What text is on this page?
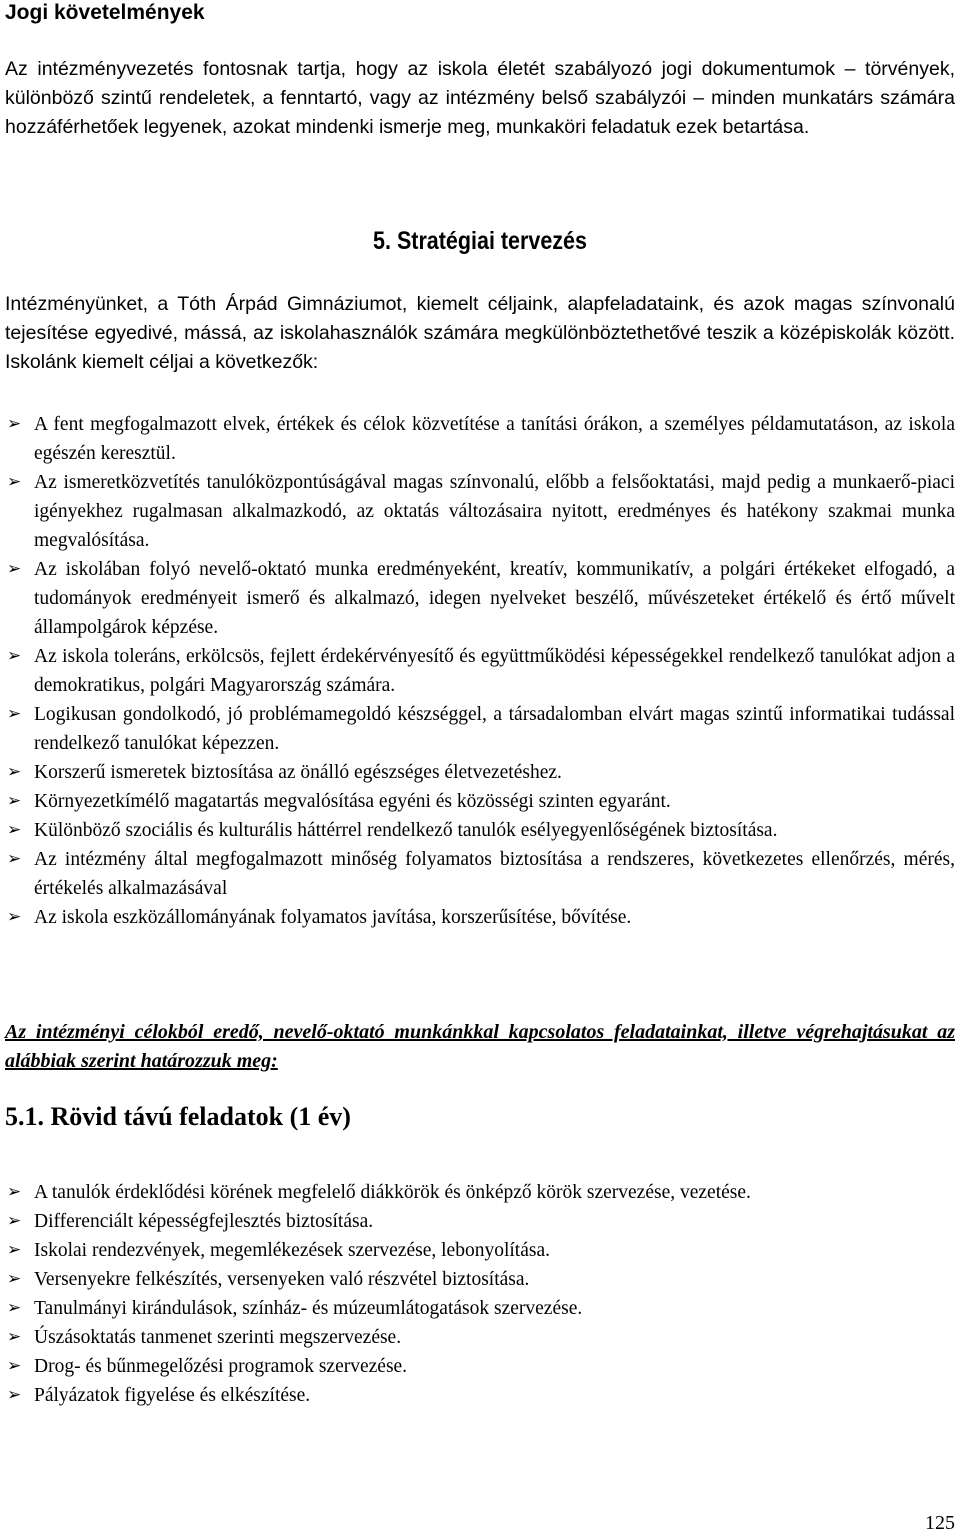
Jogi követelmények
Az intézményvezetés fontosnak tartja, hogy az iskola életét szabályozó jogi dokumentumok – törvények, különböző szintű rendeletek, a fenntartó, vagy az intézmény belső szabályzói – minden munkatárs számára hozzáférhetőek legyenek, azokat mindenki ismerje meg, munkaköri feladatuk ezek betartása.
5. Stratégiai tervezés
Intézményünket, a Tóth Árpád Gimnáziumot, kiemelt céljaink, alapfeladataink, és azok magas színvonalú tejesítése egyedivé, mássá, az iskolahasználók számára megkülönböztethetővé teszik a középiskolák között. Iskolánk kiemelt céljai a következők:
➢ A fent megfogalmazott elvek, értékek és célok közvetítése a tanítási órákon, a személyes példamutatáson, az iskola egészén keresztül.
➢ Az ismeretközvetítés tanulóközpontúságával magas színvonalú, előbb a felsőoktatási, majd pedig a munkaerő-piaci igényekhez rugalmasan alkalmazkodó, az oktatás változásaira nyitott, eredményes és hatékony szakmai munka megvalósítása.
➢ Az iskolában folyó nevelő-oktató munka eredményeként, kreatív, kommunikatív, a polgári értékeket elfogadó, a tudományok eredményeit ismerő és alkalmazó, idegen nyelveket beszélő, művészeteket értékelő és értő művelt állampolgárok képzése.
➢ Az iskola toleráns, erkölcsös, fejlett érdekérvényesítő és együttműködési képességekkel rendelkező tanulókat adjon a demokratikus, polgári Magyarország számára.
➢ Logikusan gondolkodó, jó problémamegoldó készséggel, a társadalomban elvárt magas szintű informatikai tudással rendelkező tanulókat képezzen.
➢ Korszerű ismeretek biztosítása az önálló egészséges életvezetéshez.
➢ Környezetkímélő magatartás megvalósítása egyéni és közösségi szinten egyaránt.
➢ Különböző szociális és kulturális háttérrel rendelkező tanulók esélyegyenlőségének biztosítása.
➢ Az intézmény által megfogalmazott minőség folyamatos biztosítása a rendszeres, következetes ellenőrzés, mérés, értékelés alkalmazásával
➢ Az iskola eszközállományának folyamatos javítása, korszerűsítése, bővítése.
Az intézményi célokból eredő, nevelő-oktató munkánkkal kapcsolatos feladatainkat, illetve végrehajtásukat az alábbiak szerint határozzuk meg:
5.1. Rövid távú feladatok (1 év)
➢ A tanulók érdeklődési körének megfelelő diákkörök és önképző körök szervezése, vezetése.
➢ Differenciált képességfejlesztés biztosítása.
➢ Iskolai rendezvények, megemlékezések szervezése, lebonyolítása.
➢ Versenyekre felkészítés, versenyeken való részvétel biztosítása.
➢ Tanulmányi kirándulások, színház- és múzeumlátogatások szervezése.
➢ Úszásoktatás tanmenet szerinti megszervezése.
➢ Drog- és bűnmegelőzési programok szervezése.
➢ Pályázatok figyelése és elkészítése.
125
